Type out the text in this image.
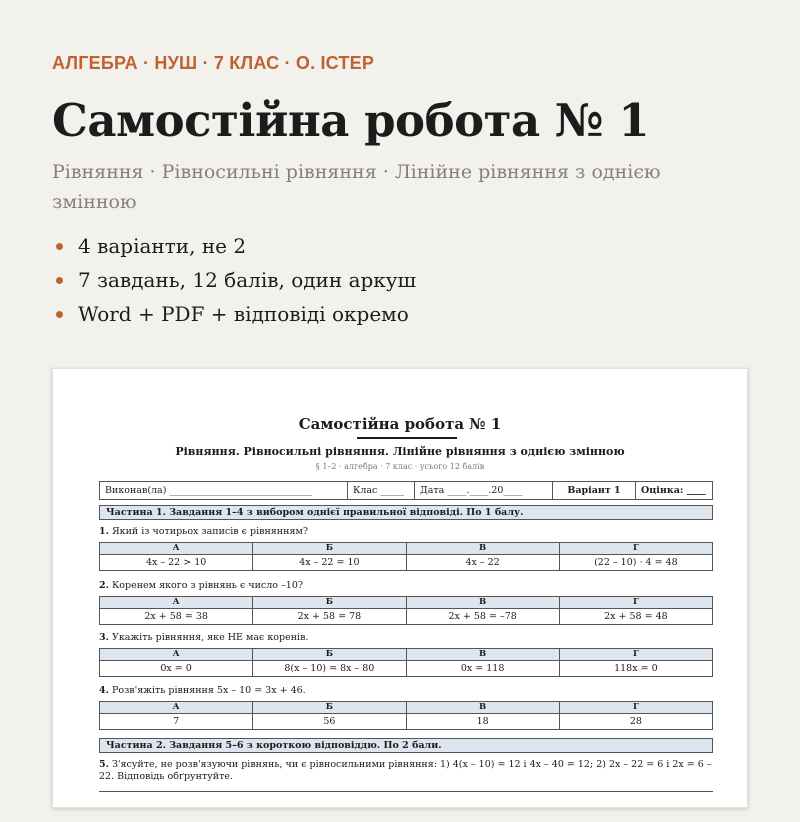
АЛГЕБРА · НУШ · 7 КЛАС · О. ІСТЕР
Самостійна робота № 1
Рівняння · Рівносильні рівняння · Лінійне рівняння з однією змінною
4 варіанти, не 2
7 завдань, 12 балів, один аркуш
Word + PDF + відповіді окремо
Самостійна робота № 1
Рівняння. Рівносильні рівняння. Лінійне рівняння з однією змінною
§ 1–2 · алгебра · 7 клас · усього 12 балів
Виконав(ла) ______________________________	Клас _____	Дата ____.____.20____	Варіант 1	Оцінка: ____
Частина 1. Завдання 1–4 з вибором однієї правильної відповіді. По 1 балу.
1. Який із чотирьох записів є рівнянням?
А	Б	В	Г
4x – 22 > 10	4x – 22 = 10	4x – 22	(22 – 10) · 4 = 48
2. Коренем якого з рівнянь є число –10?
А	Б	В	Г
2x + 58 = 38	2x + 58 = 78	2x + 58 = –78	2x + 58 = 48
3. Укажіть рівняння, яке НЕ має коренів.
А	Б	В	Г
0x = 0	8(x – 10) = 8x – 80	0x = 118	118x = 0
4. Розв'яжіть рівняння 5x – 10 = 3x + 46.
А	Б	В	Г
7	56	18	28
Частина 2. Завдання 5–6 з короткою відповіддю. По 2 бали.
5. З'ясуйте, не розв'язуючи рівнянь, чи є рівносильними рівняння: 1) 4(x – 10) = 12 і 4x – 40 = 12; 2) 2x – 22 = 6 і 2x = 6 – 22. Відповідь обґрунтуйте.
